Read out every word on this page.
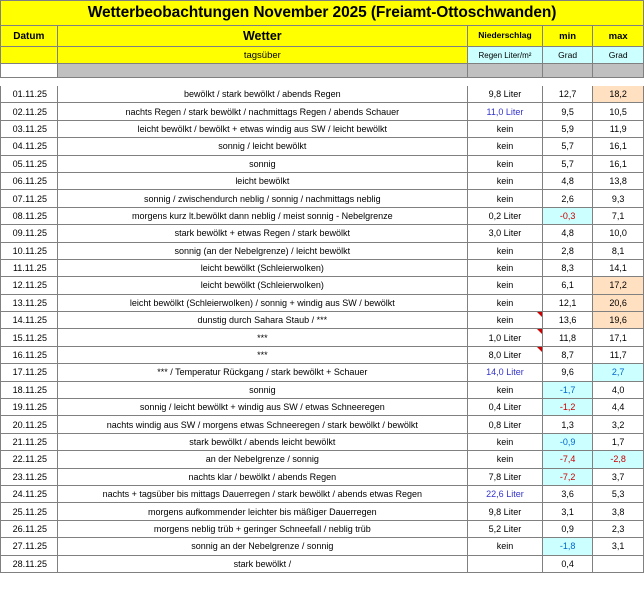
Wetterbeobachtungen November 2025 (Freiamt-Ottoschwanden)				
Datum	Wetter	Niederschlag	min	max
	tagsüber	Regen Liter/m²	Grad	Grad

01.11.25	bewölkt / stark bewölkt / abends Regen	9,8 Liter	12,7	18,2
02.11.25	nachts Regen / stark bewölkt / nachmittags Regen / abends Schauer	11,0 Liter	9,5	10,5
03.11.25	leicht bewölkt / bewölkt + etwas windig aus SW / leicht bewölkt	kein	5,9	11,9
04.11.25	sonnig / leicht bewölkt	kein	5,7	16,1
05.11.25	sonnig	kein	5,7	16,1
06.11.25	leicht bewölkt	kein	4,8	13,8
07.11.25	sonnig / zwischendurch neblig / sonnig / nachmittags neblig	kein	2,6	9,3
08.11.25	morgens kurz lt.bewölkt dann neblig / meist sonnig - Nebelgrenze	0,2 Liter	-0,3	7,1
09.11.25	stark bewölkt + etwas Regen / stark bewölkt	3,0 Liter	4,8	10,0
10.11.25	sonnig (an der Nebelgrenze) / leicht bewölkt	kein	2,8	8,1
11.11.25	leicht bewölkt (Schleierwolken)	kein	8,3	14,1
12.11.25	leicht bewölkt (Schleierwolken)	kein	6,1	17,2
13.11.25	leicht bewölkt (Schleierwolken) / sonnig + windig aus SW / bewölkt	kein	12,1	20,6
14.11.25	dunstig durch Sahara Staub / ***	kein	13,6	19,6
15.11.25	***	1,0 Liter	11,8	17,1
16.11.25	***	8,0 Liter	8,7	11,7
17.11.25	*** / Temperatur Rückgang / stark bewölkt + Schauer	14,0 Liter	9,6	2,7
18.11.25	sonnig	kein	-1,7	4,0
19.11.25	sonnig / leicht bewölkt + windig aus SW / etwas Schneeregen	0,4 Liter	-1,2	4,4
20.11.25	nachts windig aus SW / morgens etwas Schneeregen / stark bewölkt / bewölkt	0,8 Liter	1,3	3,2
21.11.25	stark bewölkt / abends leicht bewölkt	kein	-0,9	1,7
22.11.25	an der Nebelgrenze / sonnig	kein	-7,4	-2,8
23.11.25	nachts klar / bewölkt / abends Regen	7,8 Liter	-7,2	3,7
24.11.25	nachts + tagsüber bis mittags Dauerregen / stark bewölkt / abends etwas Regen	22,6 Liter	3,6	5,3
25.11.25	morgens aufkommender leichter bis mäßiger Dauerregen	9,8 Liter	3,1	3,8
26.11.25	morgens neblig trüb + geringer Schneefall / neblig trüb	5,2 Liter	0,9	2,3
27.11.25	sonnig an der Nebelgrenze / sonnig	kein	-1,8	3,1
28.11.25	stark bewölkt /		0,4	
